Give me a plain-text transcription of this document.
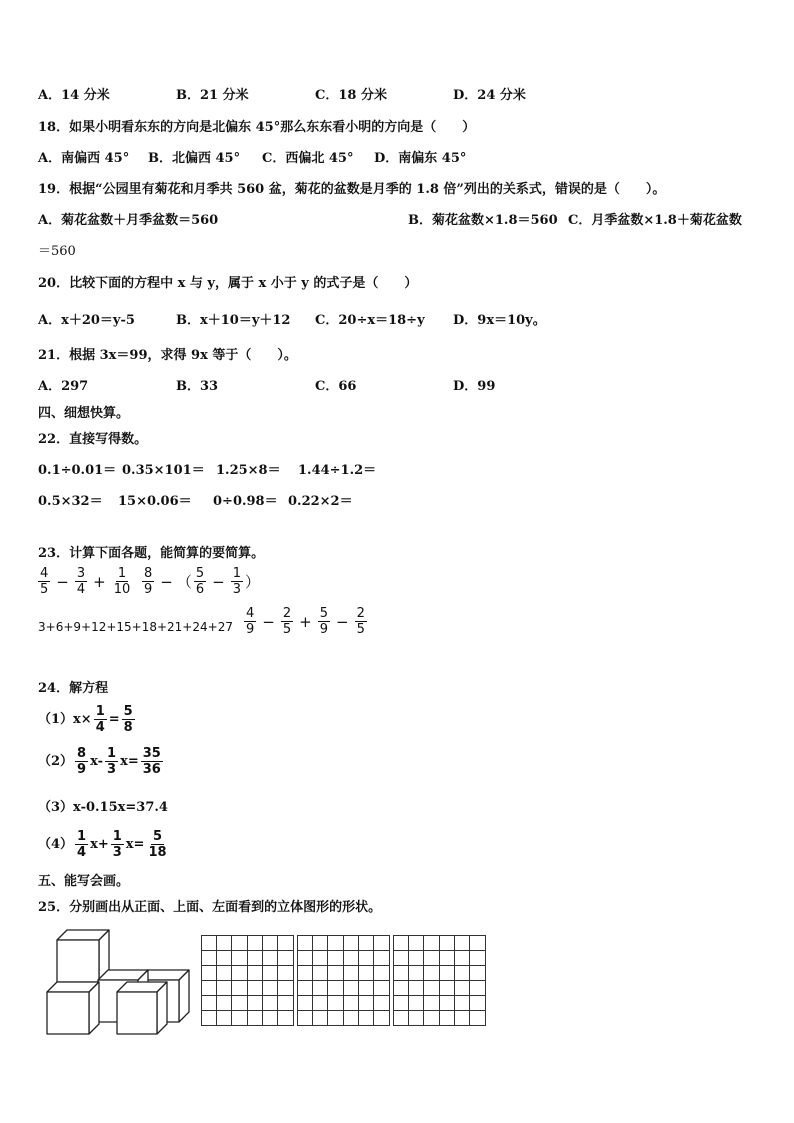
A．14 分米	B．21 分米	C．18 分米	D．24 分米
18．如果小明看东东的方向是北偏东 45°那么东东看小明的方向是（　　）
A．南偏西 45° B．北偏西 45° C．西偏北 45° D．南偏东 45°
19．根据“公园里有菊花和月季共 560 盆，菊花的盆数是月季的 1.8 倍”列出的关系式，错误的是（　　）。
A．菊花盆数＋月季盆数＝560	B．菊花盆数×1.8＝560 C．月季盆数×1.8＋菊花盆数
＝560
20．比较下面的方程中 x 与 y，属于 x 小于 y 的式子是（　　）
A．x＋20＝y-5	B．x＋10＝y＋12 C．20÷x＝18÷y D．9x＝10y。
21．根据 3x＝99，求得 9x 等于（　　）。
A．297	B．33	C．66	D．99
四、细想快算。
22．直接写得数。
0.1÷0.01＝ 0.35×101＝ 1.25×8＝ 1.44÷1.2＝
0.5×32＝ 15×0.06＝ 0÷0.98＝ 0.22×2＝
23．计算下面各题，能简算的要简算。
$\frac{4}{5} - \frac{3}{4} + \frac{1}{10} \frac{8}{9}$ − （ $\frac{5}{6} - \frac{1}{3}$ ）
$3+6+9+12+15+18+21+24+27 \frac{4}{9} - \frac{2}{5} + \frac{5}{9} - \frac{2}{5}$
24．解方程
$(1)x\times \frac{1}{4} = \frac{5}{8}$
$(2) \frac{8}{9} x- \frac{1}{3} x= \frac{35}{36}$
（3）x-0.15x=37.4
$(4) \frac{1}{4} x+ \frac{1}{3} x= \frac{5}{18}$
五、能写会画。
25．分别画出从正面、上面、左面看到的立体图形的形状。
